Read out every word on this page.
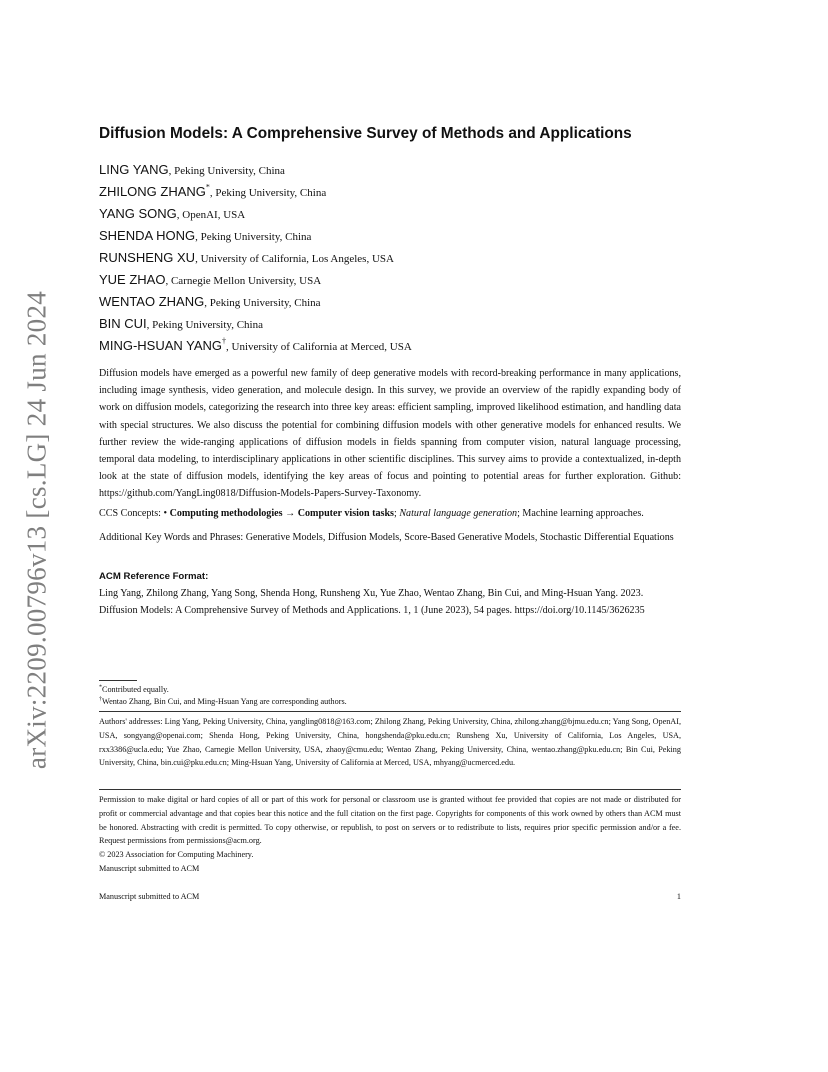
arXiv:2209.00796v13 [cs.LG] 24 Jun 2024
Diffusion Models: A Comprehensive Survey of Methods and Applications
LING YANG, Peking University, China
ZHILONG ZHANG*, Peking University, China
YANG SONG, OpenAI, USA
SHENDA HONG, Peking University, China
RUNSHENG XU, University of California, Los Angeles, USA
YUE ZHAO, Carnegie Mellon University, USA
WENTAO ZHANG, Peking University, China
BIN CUI, Peking University, China
MING-HSUAN YANG†, University of California at Merced, USA
Diffusion models have emerged as a powerful new family of deep generative models with record-breaking performance in many applications, including image synthesis, video generation, and molecule design. In this survey, we provide an overview of the rapidly expanding body of work on diffusion models, categorizing the research into three key areas: efficient sampling, improved likelihood estimation, and handling data with special structures. We also discuss the potential for combining diffusion models with other generative models for enhanced results. We further review the wide-ranging applications of diffusion models in fields spanning from computer vision, natural language processing, temporal data modeling, to interdisciplinary applications in other scientific disciplines. This survey aims to provide a contextualized, in-depth look at the state of diffusion models, identifying the key areas of focus and pointing to potential areas for further exploration. Github: https://github.com/YangLing0818/Diffusion-Models-Papers-Survey-Taxonomy.
CCS Concepts: • Computing methodologies → Computer vision tasks; Natural language generation; Machine learning approaches.
Additional Key Words and Phrases: Generative Models, Diffusion Models, Score-Based Generative Models, Stochastic Differential Equations
ACM Reference Format:
Ling Yang, Zhilong Zhang, Yang Song, Shenda Hong, Runsheng Xu, Yue Zhao, Wentao Zhang, Bin Cui, and Ming-Hsuan Yang. 2023.
Diffusion Models: A Comprehensive Survey of Methods and Applications. 1, 1 (June 2023), 54 pages. https://doi.org/10.1145/3626235
*Contributed equally.
†Wentao Zhang, Bin Cui, and Ming-Hsuan Yang are corresponding authors.
Authors' addresses: Ling Yang, Peking University, China, yangling0818@163.com; Zhilong Zhang, Peking University, China, zhilong.zhang@bjmu.edu.cn; Yang Song, OpenAI, USA, songyang@openai.com; Shenda Hong, Peking University, China, hongshenda@pku.edu.cn; Runsheng Xu, University of California, Los Angeles, USA, rxx3386@ucla.edu; Yue Zhao, Carnegie Mellon University, USA, zhaoy@cmu.edu; Wentao Zhang, Peking University, China, wentao.zhang@pku.edu.cn; Bin Cui, Peking University, China, bin.cui@pku.edu.cn; Ming-Hsuan Yang, University of California at Merced, USA, mhyang@ucmerced.edu.
Permission to make digital or hard copies of all or part of this work for personal or classroom use is granted without fee provided that copies are not made or distributed for profit or commercial advantage and that copies bear this notice and the full citation on the first page. Copyrights for components of this work owned by others than ACM must be honored. Abstracting with credit is permitted. To copy otherwise, or republish, to post on servers or to redistribute to lists, requires prior specific permission and/or a fee. Request permissions from permissions@acm.org.
© 2023 Association for Computing Machinery.
Manuscript submitted to ACM
Manuscript submitted to ACM	1
